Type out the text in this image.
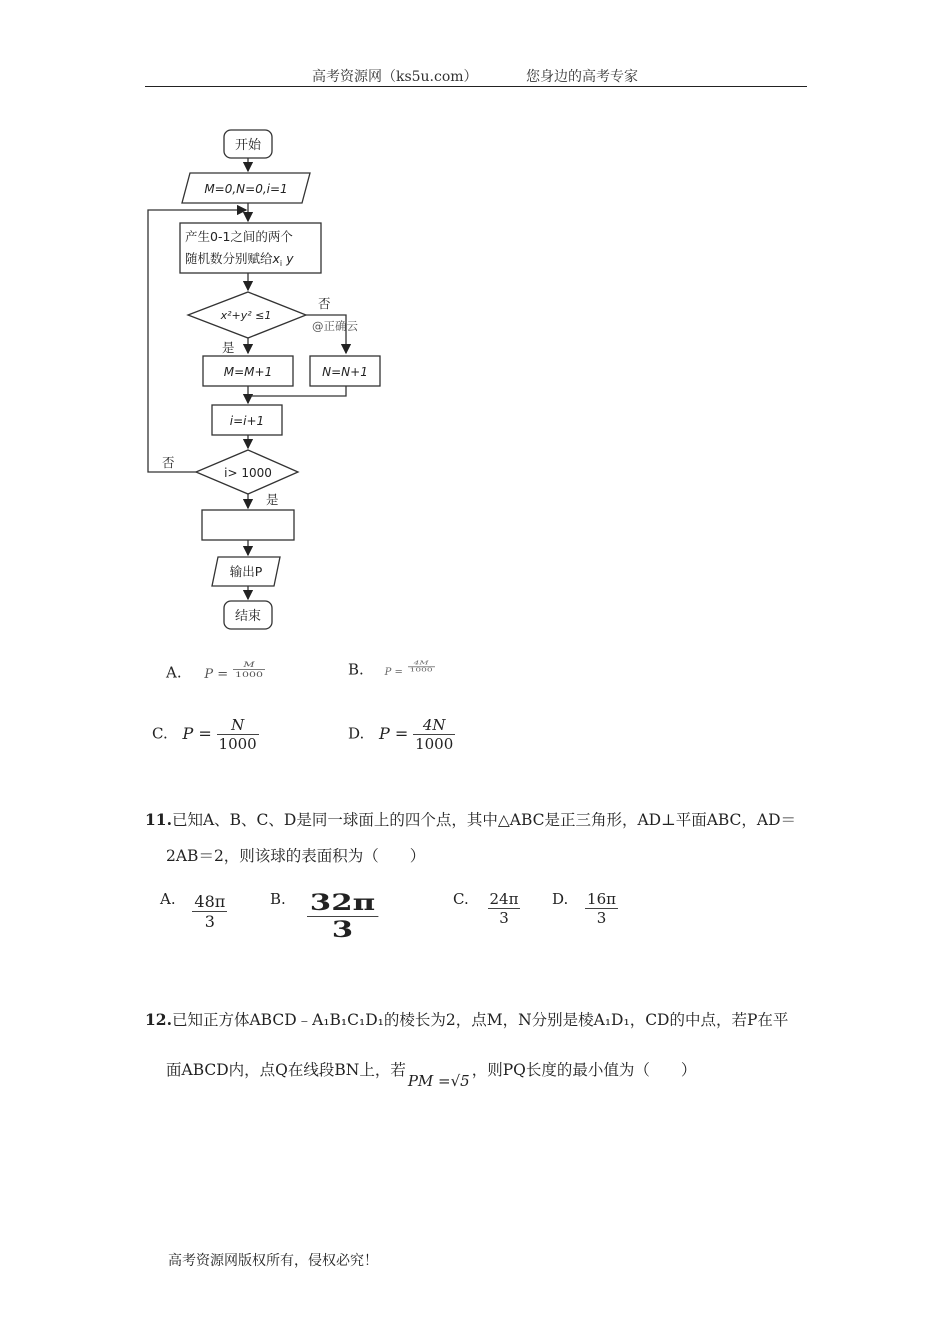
高考资源网（ks5u.com）	您身边的高考专家
开始
M=0,N=0,i=1
产生0-1之间的两个
随机数分别赋给$x_i$ y
x²+y² ≤1
否
@正确云
是
M=M+1	N=N+1
i=i+1
i> 1000
否
是
输出P
结束
A. $P = \frac{M}{1000}$	B. $P = \frac{4M}{1000}$
C. $P = \frac{N}{1000}$	D. $P = \frac{4N}{1000}$
11.已知A、B、C、D是同一球面上的四个点，其中△ABC是正三角形，AD⊥平面ABC，AD＝
2AB＝2，则该球的表面积为（　　）
A. $\frac{48\pi}{3}$	B. $\frac{32\pi}{3}$	C. $\frac{24\pi}{3} D$. $\frac{16\pi}{3}$
12.已知正方体ABCD﹣A₁B₁C₁D₁的棱长为2，点M，N分别是棱A₁D₁，CD的中点，若P在平
面ABCD内，点Q在线段BN上，若PM =√5，则PQ长度的最小值为（　　）
高考资源网版权所有，侵权必究！
